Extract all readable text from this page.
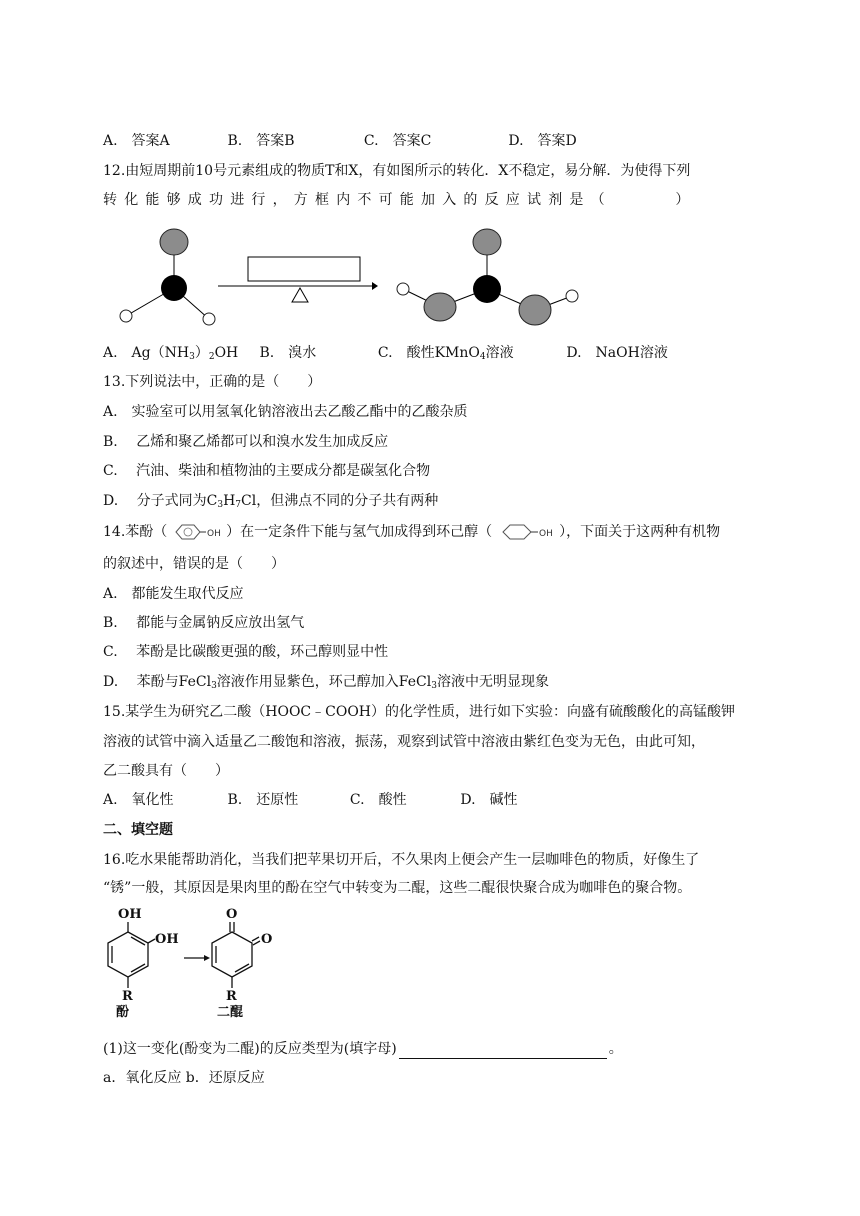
A.　答案A	B.　答案B	C.　答案C	D.　答案D
12.由短周期前10号元素组成的物质T和X，有如图所示的转化．X不稳定，易分解．为使得下列
转化能够成功进行，方框内不可能加入的反应试剂是（　　　）
A.　$Ag(NH_3)_2OH$ B.　溴水	C.　酸性KMnO$_4$溶液	D.　NaOH溶液
13.下列说法中，正确的是（　　）
A.　实验室可以用氢氧化钠溶液出去乙酸乙酯中的乙酸杂质
B.　 乙烯和聚乙烯都可以和溴水发生加成反应
C.　 汽油、柴油和植物油的主要成分都是碳氢化合物
D.　 分子式同为$C_3H_7Cl$，但沸点不同的分子共有两种
14.苯酚（	OH ）在一定条件下能与氢气加成得到环己醇（	OH ），下面关于这两种有机物
的叙述中，错误的是（　　）
A.　都能发生取代反应
B.　 都能与金属钠反应放出氢气
C.　 苯酚是比碳酸更强的酸，环己醇则显中性
D.　 苯酚与FeCl$_3$溶液作用显紫色，环己醇加入FeCl$_3$溶液中无明显现象
15.某学生为研究乙二酸（HOOC﹣COOH）的化学性质，进行如下实验：向盛有硫酸酸化的高锰酸钾
溶液的试管中滴入适量乙二酸饱和溶液，振荡，观察到试管中溶液由紫红色变为无色，由此可知，
乙二酸具有（　　）
A.　氧化性	B.　还原性	C.　酸性	D.　碱性
二、填空题
16.吃水果能帮助消化，当我们把苹果切开后，不久果肉上便会产生一层咖啡色的物质，好像生了
“锈”一般，其原因是果肉里的酚在空气中转变为二醌，这些二醌很快聚合成为咖啡色的聚合物。
OH
OH
R
酚
O
O
R
二醌
(1)这一变化(酚变为二醌)的反应类型为(填字母)	。
a．氧化反应 b．还原反应
